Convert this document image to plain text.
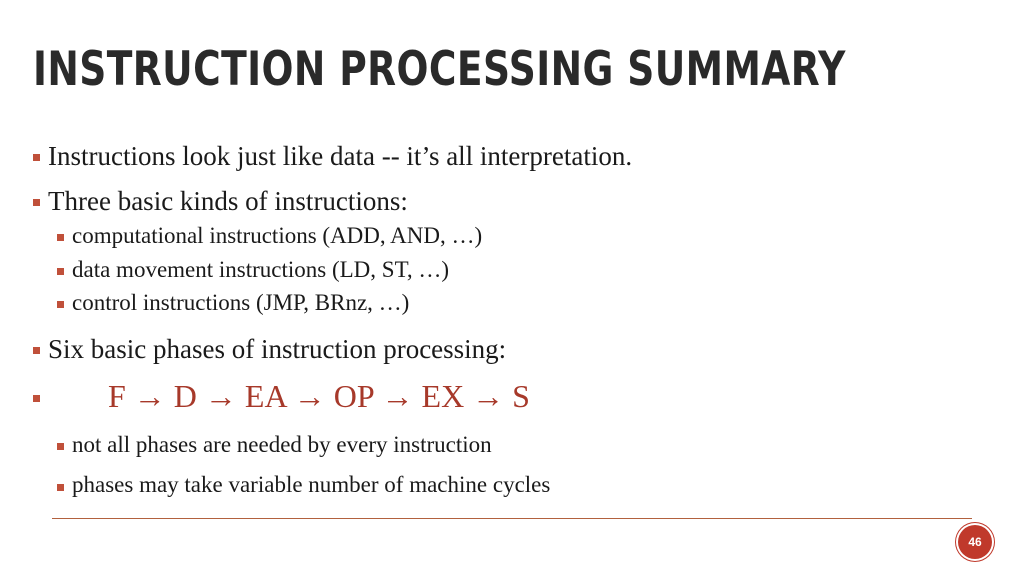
INSTRUCTION PROCESSING SUMMARY
Instructions look just like data -- it’s all interpretation.
Three basic kinds of instructions:
computational instructions (ADD, AND, …)
data movement instructions (LD, ST, …)
control instructions (JMP, BRnz, …)
Six basic phases of instruction processing:
F → D → EA → OP → EX → S
not all phases are needed by every instruction
phases may take variable number of machine cycles
46
